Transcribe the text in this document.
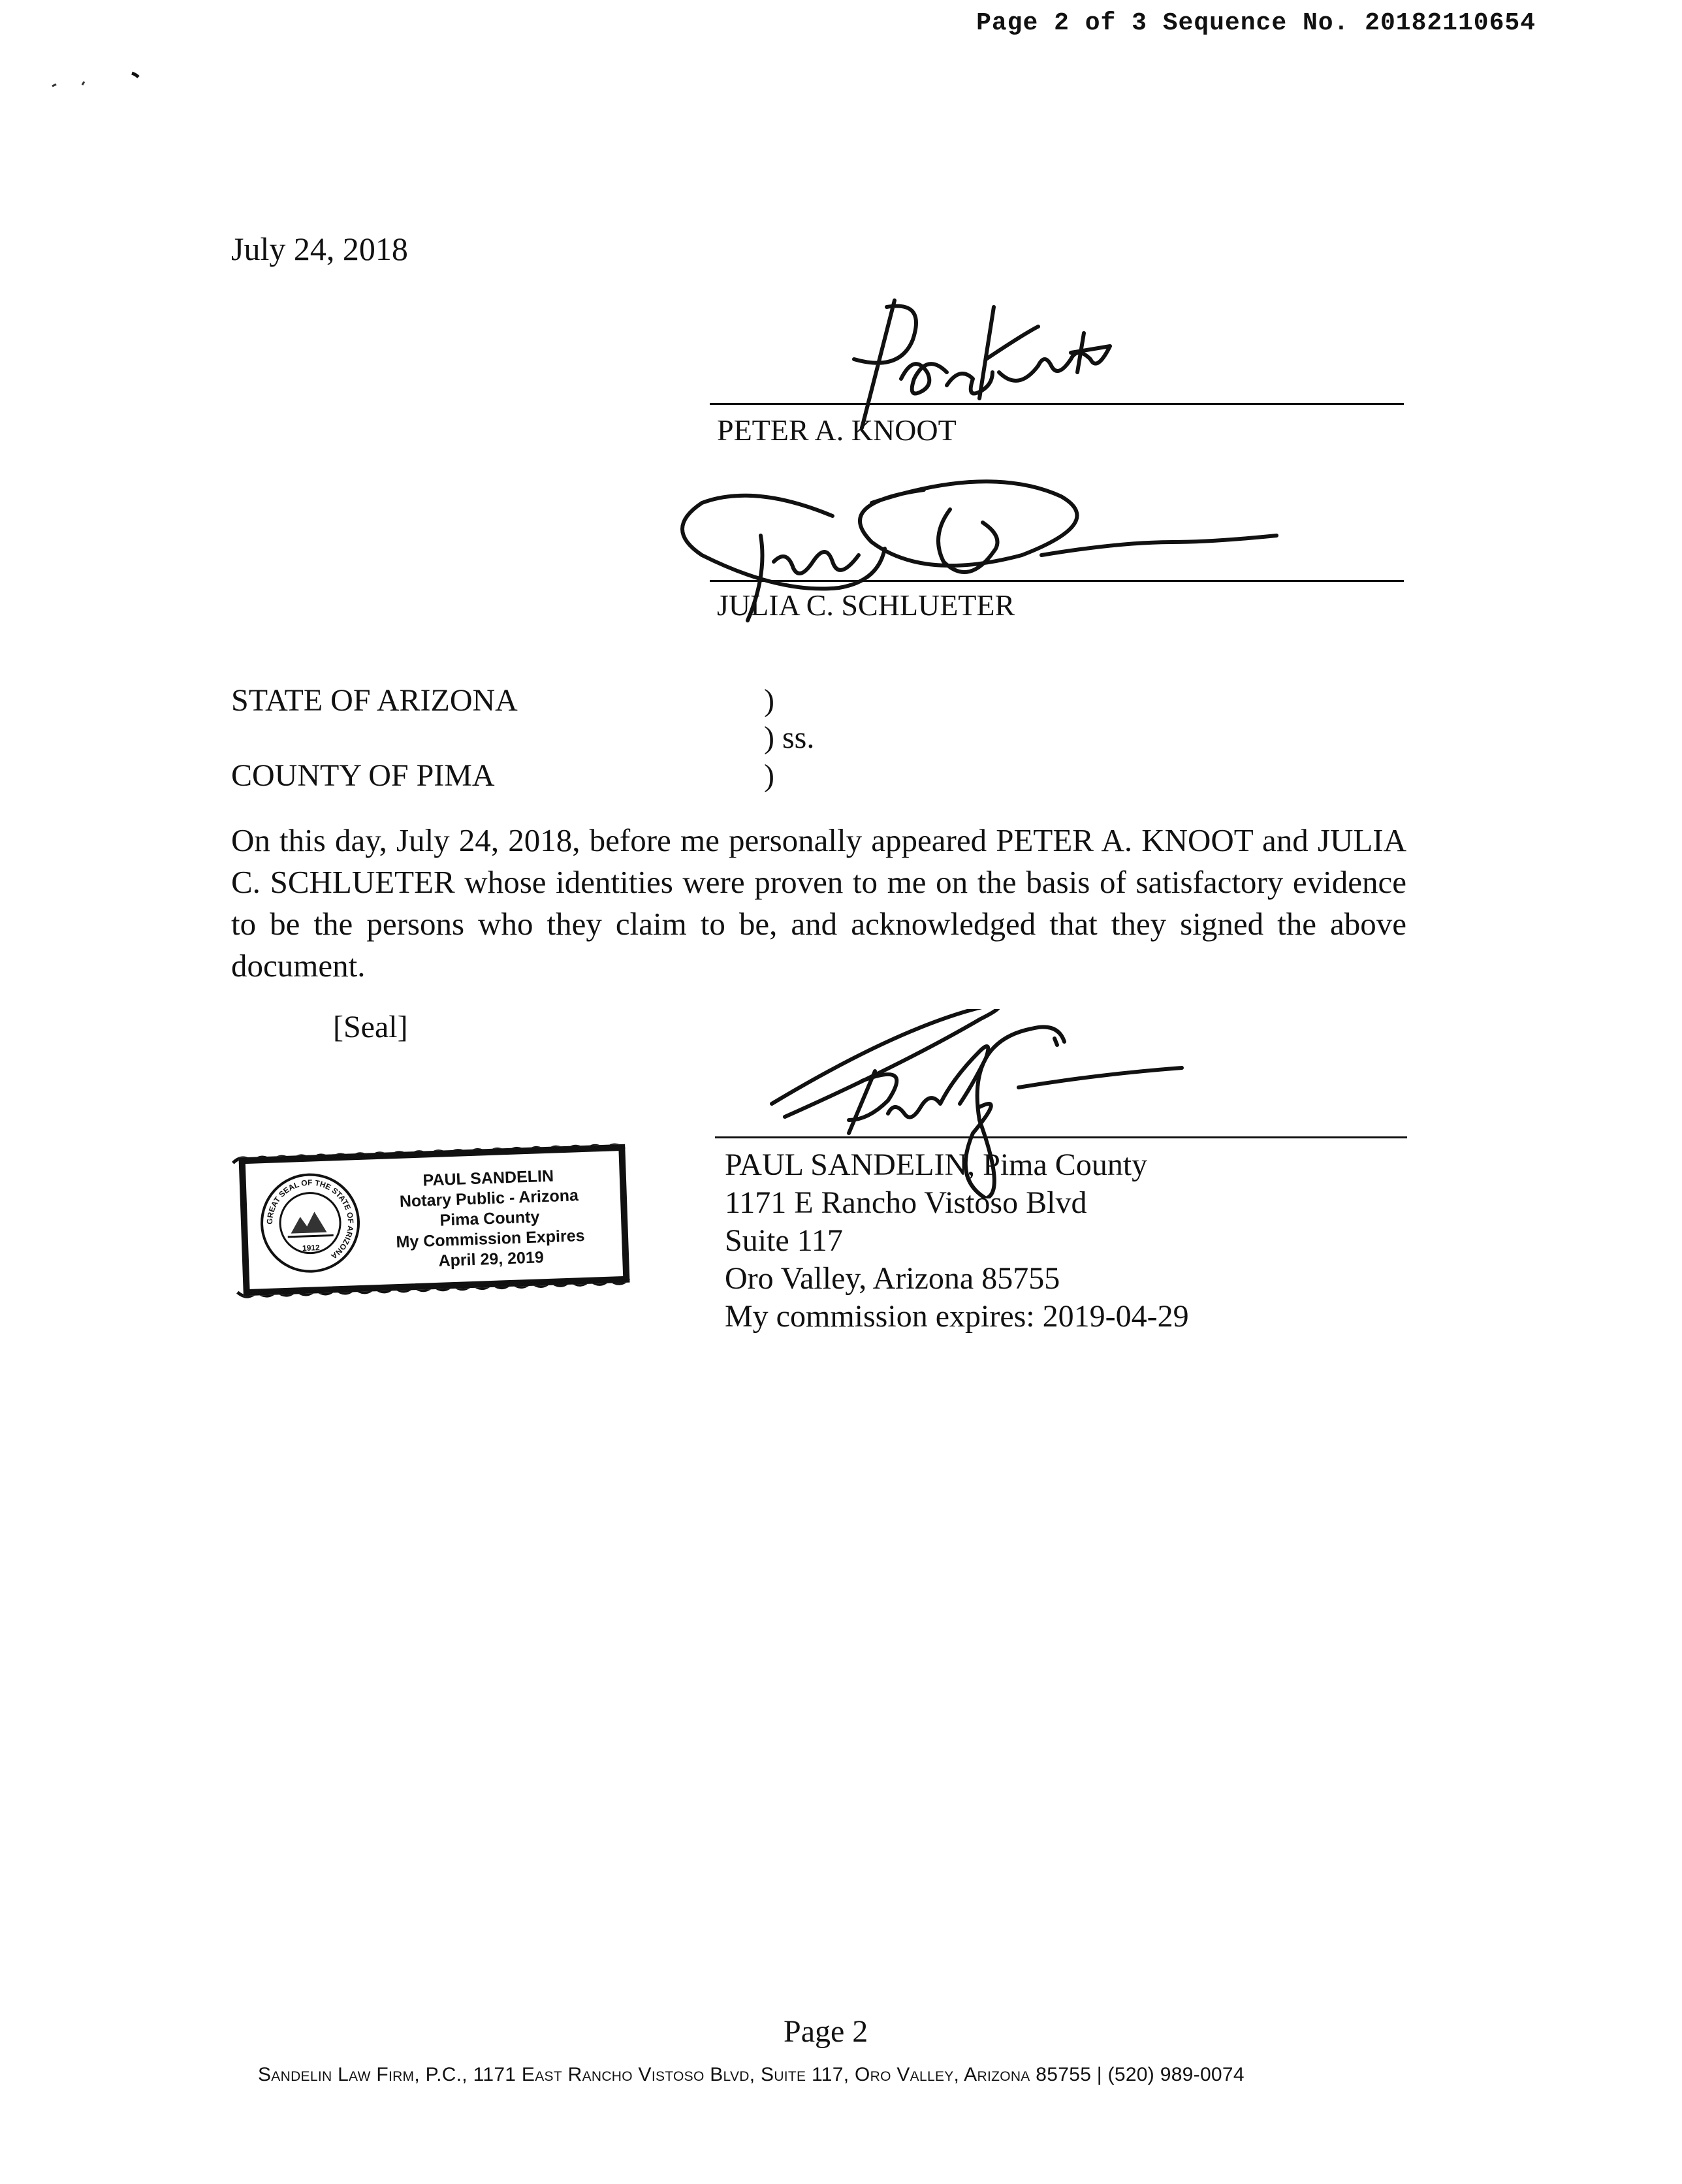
Page 2 of 3 Sequence No. 20182110654
July 24, 2018
PETER A. KNOOT
JULIA C. SCHLUETER
STATE OF ARIZONA
COUNTY OF PIMA
)
) ss.
)
On this day, July 24, 2018, before me personally appeared PETER A. KNOOT and JULIA C. SCHLUETER whose identities were proven to me on the basis of satisfactory evidence to be the persons who they claim to be, and acknowledged that they signed the above document.
[Seal]
GREAT SEAL OF THE STATE OF ARIZONA
1912
PAUL SANDELIN
Notary Public - Arizona
Pima County
My Commission Expires
April 29, 2019
PAUL SANDELIN, Pima County
1171 E Rancho Vistoso Blvd
Suite 117
Oro Valley, Arizona 85755
My commission expires: 2019-04-29
Page 2
Sandelin Law Firm, P.C., 1171 East Rancho Vistoso Blvd, Suite 117, Oro Valley, Arizona 85755 | (520) 989-0074
